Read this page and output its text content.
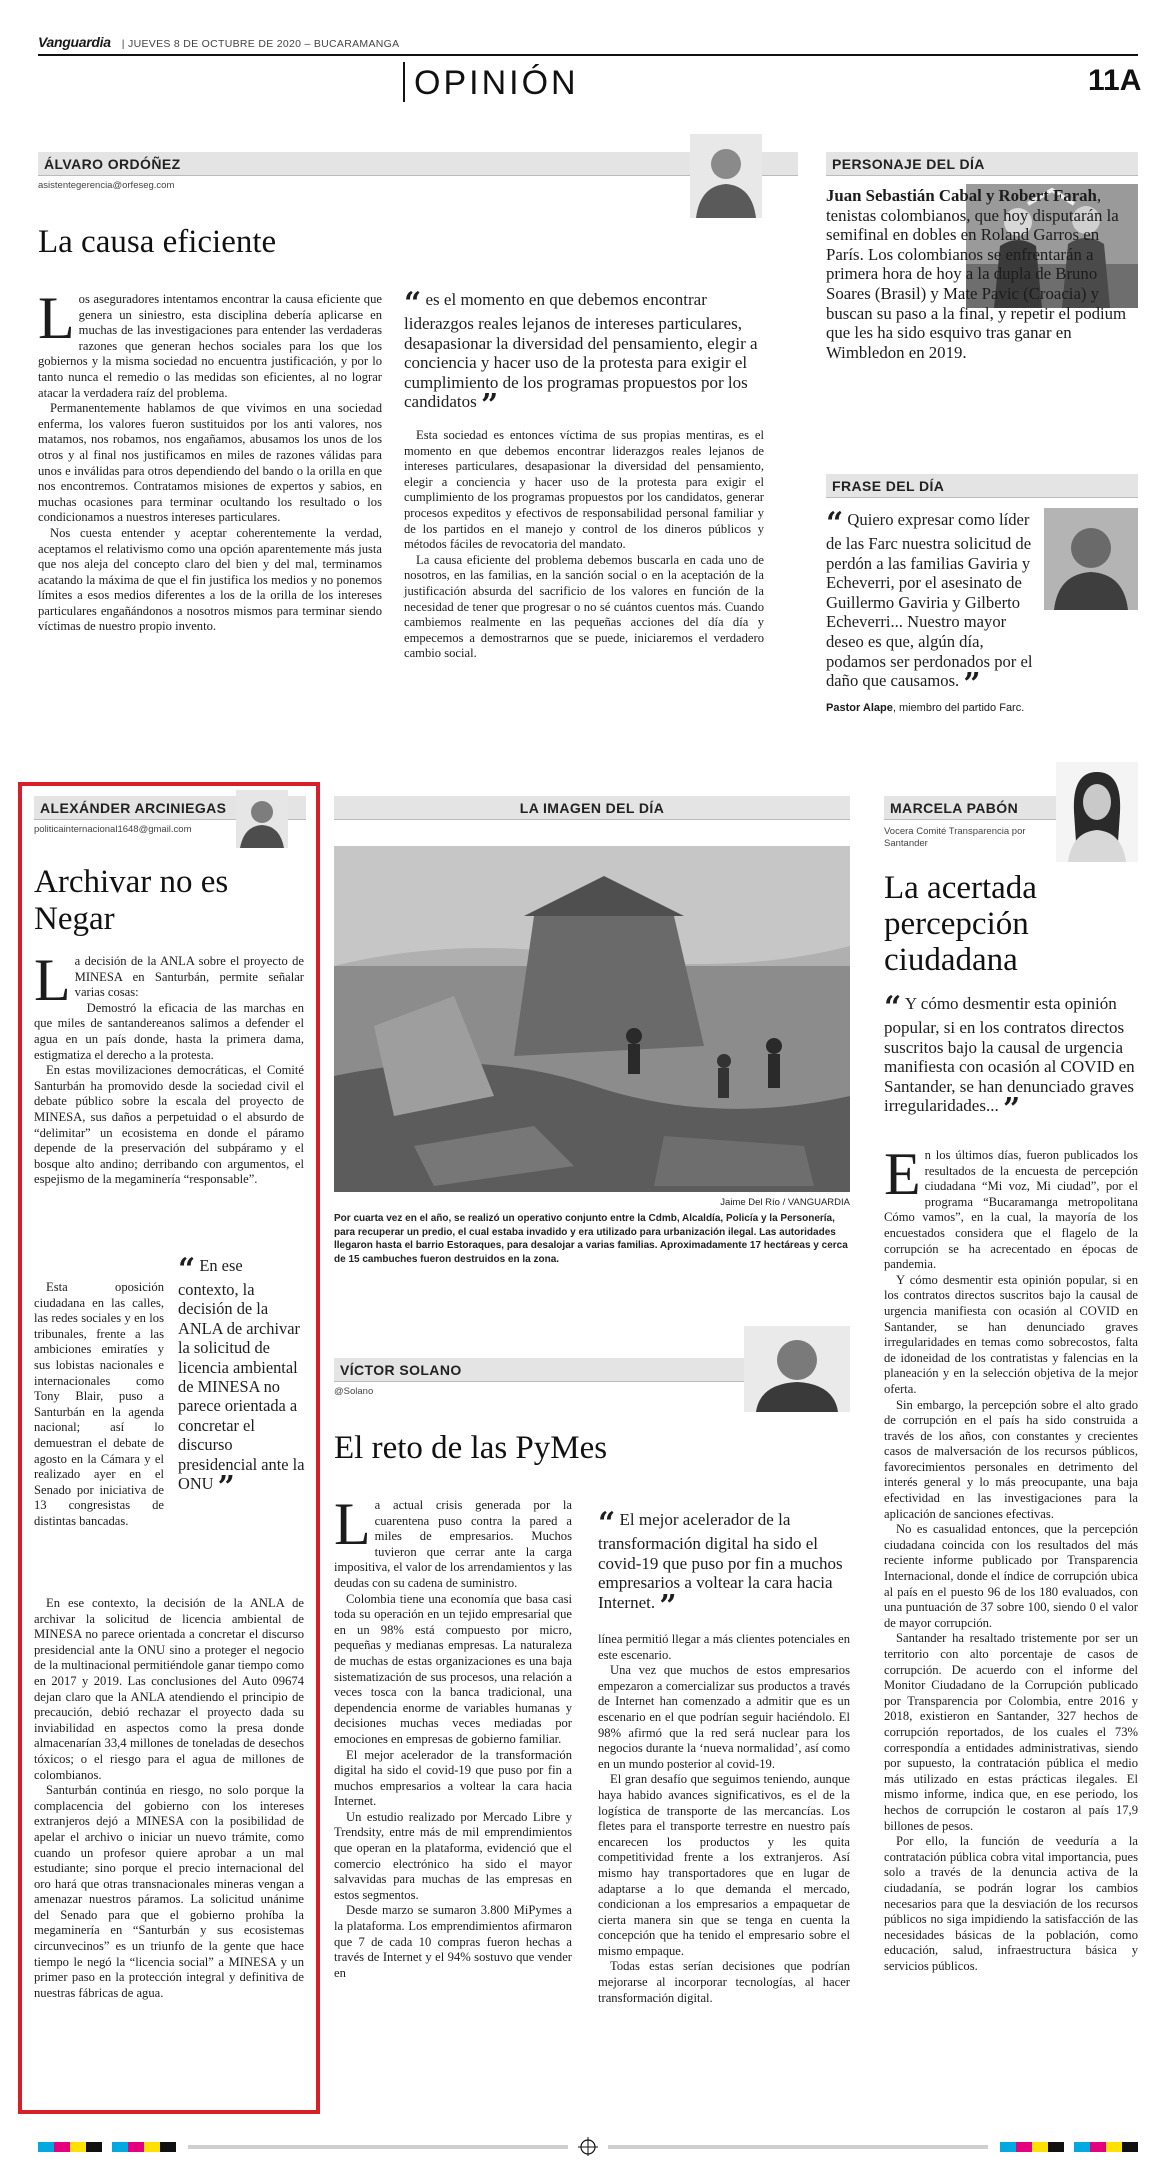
Vanguardia | JUEVES 8 DE OCTUBRE DE 2020 – BUCARAMANGA
OPINIÓN	11A
ÁLVARO ORDÓÑEZ
asistentegerencia@orfeseg.com
La causa eficiente

Los aseguradores intentamos encontrar la causa eficiente que genera un siniestro, esta disciplina debería aplicarse en muchas de las investigaciones para entender las verdaderas razones que generan hechos sociales para los que los gobiernos y la misma sociedad no encuentra justificación, y por lo tanto nunca el remedio o las medidas son eficientes, al no lograr atacar la verdadera raíz del problema.

Permanentemente hablamos de que vivimos en una sociedad enferma, los valores fueron sustituidos por los anti valores, nos matamos, nos robamos, nos engañamos, abusamos los unos de los otros y al final nos justificamos en miles de razones válidas para unos e inválidas para otros dependiendo del bando o la orilla en que nos encontremos. Contratamos misiones de expertos y sabios, en muchas ocasiones para terminar ocultando los resultado o los condicionamos a nuestros intereses particulares.

Nos cuesta entender y aceptar coherentemente la verdad, aceptamos el relativismo como una opción aparentemente más justa que nos aleja del concepto claro del bien y del mal, terminamos acatando la máxima de que el fin justifica los medios y no ponemos límites a esos medios diferentes a los de la orilla de los intereses particulares engañándonos a nosotros mismos para terminar siendo víctimas de nuestro propio invento.

“ es el momento en que debemos encontrar liderazgos reales lejanos de intereses particulares, desapasionar la diversidad del pensamiento, elegir a conciencia y hacer uso de la protesta para exigir el cumplimiento de los programas propuestos por los candidatos ”

Esta sociedad es entonces víctima de sus propias mentiras, es el momento en que debemos encontrar liderazgos reales lejanos de intereses particulares, desapasionar la diversidad del pensamiento, elegir a conciencia y hacer uso de la protesta para exigir el cumplimiento de los programas propuestos por los candidatos, generar procesos expeditos y efectivos de responsabilidad personal familiar y de los partidos en el manejo y control de los dineros públicos y métodos fáciles de revocatoria del mandato.

La causa eficiente del problema debemos buscarla en cada uno de nosotros, en las familias, en la sanción social o en la aceptación de la justificación absurda del sacrificio de los valores en función de la necesidad de tener que progresar o no sé cuántos cuentos más. Cuando cambiemos realmente en las pequeñas acciones del día día y empecemos a demostrarnos que se puede, iniciaremos el verdadero cambio social.

PERSONAJE DEL DÍA
Juan Sebastián Cabal y Robert Farah, tenistas colombianos, que hoy disputarán la semifinal en dobles en Roland Garros en París. Los colombianos se enfrentarán a primera hora de hoy a la dupla de Bruno Soares (Brasil) y Mate Pavic (Croacia) y buscan su paso a la final, y repetir el podium que les ha sido esquivo tras ganar en Wimbledon en 2019.
FRASE DEL DÍA
“ Quiero expresar como líder de las Farc nuestra solicitud de perdón a las familias Gaviria y Echeverri, por el asesinato de Guillermo Gaviria y Gilberto Echeverri... Nuestro mayor deseo es que, algún día, podamos ser perdonados por el daño que causamos. ”
Pastor Alape, miembro del partido Farc.
ALEXÁNDER ARCINIEGAS
politicainternacional1648@gmail.com
Archivar no es Negar

La decisión de la ANLA sobre el proyecto de MINESA en Santurbán, permite señalar varias cosas:

Demostró la eficacia de las marchas en que miles de santandereanos salimos a defender el agua en un país donde, hasta la primera dama, estigmatiza el derecho a la protesta.

En estas movilizaciones democráticas, el Comité Santurbán ha promovido desde la sociedad civil el debate público sobre la escala del proyecto de MINESA, sus daños a perpetuidad o el absurdo de “delimitar” un ecosistema en donde el páramo depende de la preservación del subpáramo y el bosque alto andino; derribando con argumentos, el espejismo de la megaminería “responsable”.

Esta oposición ciudadana en las calles, las redes sociales y en los tribunales, frente a las ambiciones emiratíes y sus lobistas nacionales e internacionales como Tony Blair, puso a Santurbán en la agenda nacional; así lo demuestran el debate de agosto en la Cámara y el realizado ayer en el Senado por iniciativa de 13 congresistas de distintas bancadas.

“ En ese contexto, la decisión de la ANLA de archivar la solicitud de licencia ambiental de MINESA no parece orientada a concretar el discurso presidencial ante la ONU ”

En ese contexto, la decisión de la ANLA de archivar la solicitud de licencia ambiental de MINESA no parece orientada a concretar el discurso presidencial ante la ONU sino a proteger el negocio de la multinacional permitiéndole ganar tiempo como en 2017 y 2019. Las conclusiones del Auto 09674 dejan claro que la ANLA atendiendo el principio de precaución, debió rechazar el proyecto dada su inviabilidad en aspectos como la presa donde almacenarían 33,4 millones de toneladas de desechos tóxicos; o el riesgo para el agua de millones de colombianos.

Santurbán continúa en riesgo, no solo porque la complacencia del gobierno con los intereses extranjeros dejó a MINESA con la posibilidad de apelar el archivo o iniciar un nuevo trámite, como cuando un profesor quiere aprobar a un mal estudiante; sino porque el precio internacional del oro hará que otras transnacionales mineras vengan a amenazar nuestros páramos. La solicitud unánime del Senado para que el gobierno prohíba la megaminería en “Santurbán y sus ecosistemas circunvecinos” es un triunfo de la gente que hace tiempo le negó la “licencia social” a MINESA y un primer paso en la protección integral y definitiva de nuestras fábricas de agua.

LA IMAGEN DEL DÍA
Jaime Del Río / VANGUARDIA
Por cuarta vez en el año, se realizó un operativo conjunto entre la Cdmb, Alcaldía, Policía y la Personería, para recuperar un predio, el cual estaba invadido y era utilizado para urbanización ilegal. Las autoridades llegaron hasta el barrio Estoraques, para desalojar a varias familias. Aproximadamente 17 hectáreas y cerca de 15 cambuches fueron destruidos en la zona.
VÍCTOR SOLANO
@Solano
El reto de las PyMes

La actual crisis generada por la cuarentena puso contra la pared a miles de empresarios. Muchos tuvieron que cerrar ante la carga impositiva, el valor de los arrendamientos y las deudas con su cadena de suministro.

Colombia tiene una economía que basa casi toda su operación en un tejido empresarial que en un 98% está compuesto por micro, pequeñas y medianas empresas. La naturaleza de muchas de estas organizaciones es una baja sistematización de sus procesos, una relación a veces tosca con la banca tradicional, una dependencia enorme de variables humanas y decisiones muchas veces mediadas por emociones en empresas de gobierno familiar.

El mejor acelerador de la transformación digital ha sido el covid-19 que puso por fin a muchos empresarios a voltear la cara hacia Internet.

Un estudio realizado por Mercado Libre y Trendsity, entre más de mil emprendimientos que operan en la plataforma, evidenció que el comercio electrónico ha sido el mayor salvavidas para muchas de las empresas en estos segmentos.

Desde marzo se sumaron 3.800 MiPymes a la plataforma. Los emprendimientos afirmaron que 7 de cada 10 compras fueron hechas a través de Internet y el 94% sostuvo que vender en

“ El mejor acelerador de la transformación digital ha sido el covid-19 que puso por fin a muchos empresarios a voltear la cara hacia Internet. ”

línea permitió llegar a más clientes potenciales en este escenario.

Una vez que muchos de estos empresarios empezaron a comercializar sus productos a través de Internet han comenzado a admitir que es un escenario en el que podrían seguir haciéndolo. El 98% afirmó que la red será nuclear para los negocios durante la ‘nueva normalidad’, así como en un mundo posterior al covid-19.

El gran desafío que seguimos teniendo, aunque haya habido avances significativos, es el de la logística de transporte de las mercancías. Los fletes para el transporte terrestre en nuestro país encarecen los productos y les quita competitividad frente a los extranjeros. Así mismo hay transportadores que en lugar de adaptarse a lo que demanda el mercado, condicionan a los empresarios a empaquetar de cierta manera sin que se tenga en cuenta la concepción que ha tenido el empresario sobre el mismo empaque.

Todas estas serían decisiones que podrían mejorarse al incorporar tecnologías, al hacer transformación digital.

MARCELA PABÓN
Vocera Comité Transparencia por Santander
La acertada percepción ciudadana
“ Y cómo desmentir esta opinión popular, si en los contratos directos suscritos bajo la causal de urgencia manifiesta con ocasión al COVID en Santander, se han denunciado graves irregularidades... ”

En los últimos días, fueron publicados los resultados de la encuesta de percepción ciudadana “Mi voz, Mi ciudad”, por el programa “Bucaramanga metropolitana Cómo vamos”, en la cual, la mayoría de los encuestados considera que el flagelo de la corrupción se ha acrecentado en épocas de pandemia.

Y cómo desmentir esta opinión popular, si en los contratos directos suscritos bajo la causal de urgencia manifiesta con ocasión al COVID en Santander, se han denunciado graves irregularidades en temas como sobrecostos, falta de idoneidad de los contratistas y falencias en la planeación y en la selección objetiva de la mejor oferta.

Sin embargo, la percepción sobre el alto grado de corrupción en el país ha sido construida a través de los años, con constantes y crecientes casos de malversación de los recursos públicos, favorecimientos personales en detrimento del interés general y lo más preocupante, una baja efectividad en las investigaciones para la aplicación de sanciones efectivas.

No es casualidad entonces, que la percepción ciudadana coincida con los resultados del más reciente informe publicado por Transparencia Internacional, donde el índice de corrupción ubica al país en el puesto 96 de los 180 evaluados, con una puntuación de 37 sobre 100, siendo 0 el valor de mayor corrupción.

Santander ha resaltado tristemente por ser un territorio con alto porcentaje de casos de corrupción. De acuerdo con el informe del Monitor Ciudadano de la Corrupción publicado por Transparencia por Colombia, entre 2016 y 2018, existieron en Santander, 327 hechos de corrupción reportados, de los cuales el 73% correspondía a entidades administrativas, siendo por supuesto, la contratación pública el medio más utilizado en estas prácticas ilegales. El mismo informe, indica que, en ese periodo, los hechos de corrupción le costaron al país 17,9 billones de pesos.

Por ello, la función de veeduría a la contratación pública cobra vital importancia, pues solo a través de la denuncia activa de la ciudadanía, se podrán lograr los cambios necesarios para que la desviación de los recursos públicos no siga impidiendo la satisfacción de las necesidades básicas de la población, como educación, salud, infraestructura básica y servicios públicos.
